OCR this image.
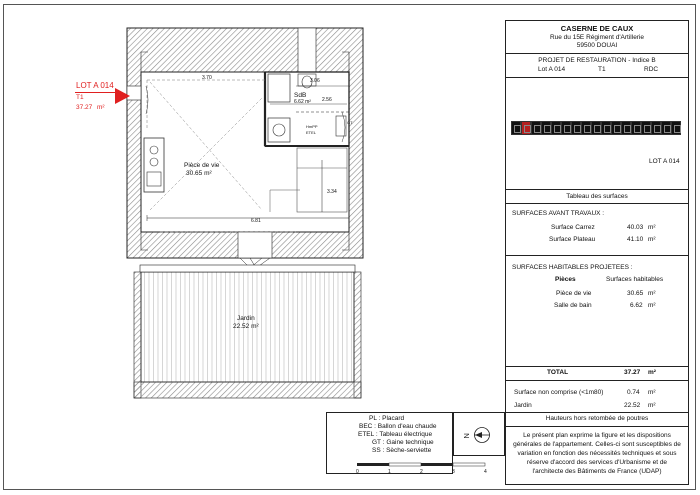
LOT A 014
T1
37.27 m²
Pièce de vie
30.65 m²
SdB
6.62 m²
Jardin
22.52 m²
3.70	3.06
2.56
3.34
6.81
HmPP
ETEL
GT
PL : Placard
BEC : Ballon d'eau chaude
ETEL : Tableau électrique
GT : Gaine technique
SS : Sèche-serviette
N
0	1	2	3	4
CASERNE DE CAUX
Rue du 15E Régiment d'Artillerie
59500 DOUAI
PROJET DE RESTAURATION - Indice B
Lot A 014	T1	RDC
LOT A 014
Tableau des surfaces
SURFACES AVANT TRAVAUX :
Surface Carrez	40.03 m²
Surface Plateau	41.10 m²
SURFACES HABITABLES PROJETEES :
Pièces	Surfaces habitables
Pièce de vie	30.65 m²
Salle de bain	6.62 m²
TOTAL	37.27 m²
Surface non comprise (<1m80)	0.74 m²
Jardin	22.52 m²
Hauteurs hors retombée de poutres
Le présent plan exprime la figure et les dispositions
générales de l'appartement. Celles-ci sont susceptibles de
variation en fonction des nécessités techniques et sous
réserve d'accord des services d'Urbanisme et de
l'architecte des Bâtiments de France (UDAP)
